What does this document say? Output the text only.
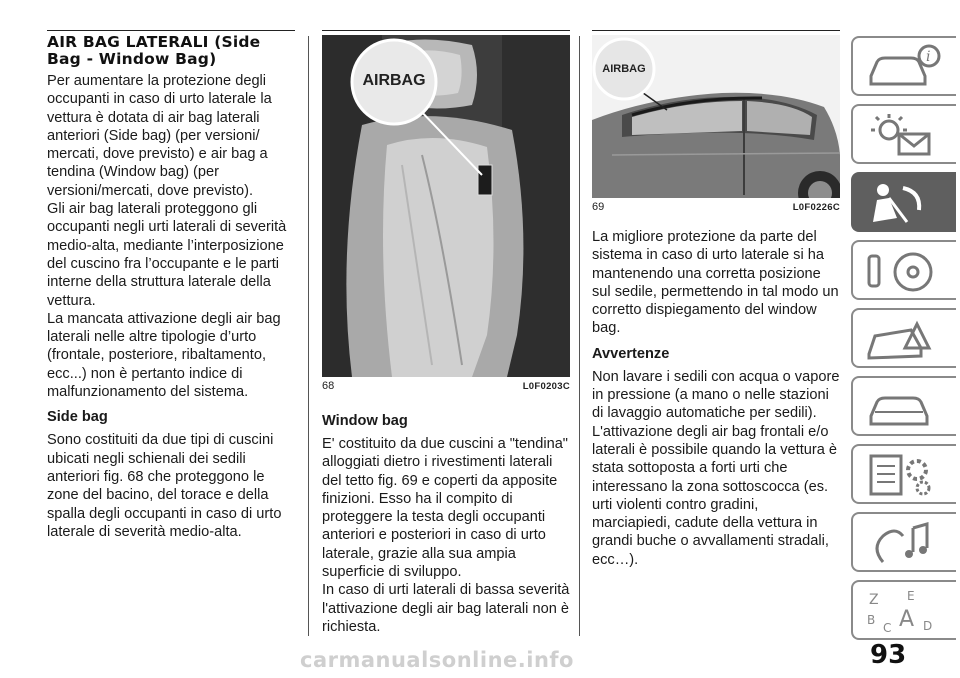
AIR BAG LATERALI (Side Bag - Window Bag)

Per aumentare la protezione degli occupanti in caso di urto laterale la vettura è dotata di air bag laterali anteriori (Side bag) (per versioni/ mercati, dove previsto) e air bag a tendina (Window bag) (per versioni/mercati, dove previsto).

Gli air bag laterali proteggono gli occupanti negli urti laterali di severità medio-alta, mediante l’interposizione del cuscino fra l’occupante e le parti interne della struttura laterale della vettura.

La mancata attivazione degli air bag laterali nelle altre tipologie d’urto (frontale, posteriore, ribaltamento, ecc...) non è pertanto indice di malfunzionamento del sistema.

Side bag

Sono costituiti da due tipi di cuscini ubicati negli schienali dei sedili anteriori fig. 68 che proteggono le zone del bacino, del torace e della spalla degli occupanti in caso di urto laterale di severità medio-alta.

AIRBAG
68	L0F0203C
Window bag

E' costituito da due cuscini a "tendina" alloggiati dietro i rivestimenti laterali del tetto fig. 69 e coperti da apposite finizioni. Esso ha il compito di proteggere la testa degli occupanti anteriori e posteriori in caso di urto laterale, grazie alla sua ampia superficie di sviluppo.

In caso di urti laterali di bassa severità l'attivazione degli air bag laterali non è richiesta.

AIRBAG
69	L0F0226C

La migliore protezione da parte del sistema in caso di urto laterale si ha mantenendo una corretta posizione sul sedile, permettendo in tal modo un corretto dispiegamento del window bag.

Avvertenze

Non lavare i sedili con acqua o vapore in pressione (a mano o nelle stazioni di lavaggio automatiche per sedili). L'attivazione degli air bag frontali e/o laterali è possibile quando la vettura è stata sottoposta a forti urti che interessano la zona sottoscocca (es. urti violenti contro gradini, marciapiedi, cadute della vettura in grandi buche o avvallamenti stradali, ecc…).

i
Z E
B
C A D
93
carmanualsonline.info
